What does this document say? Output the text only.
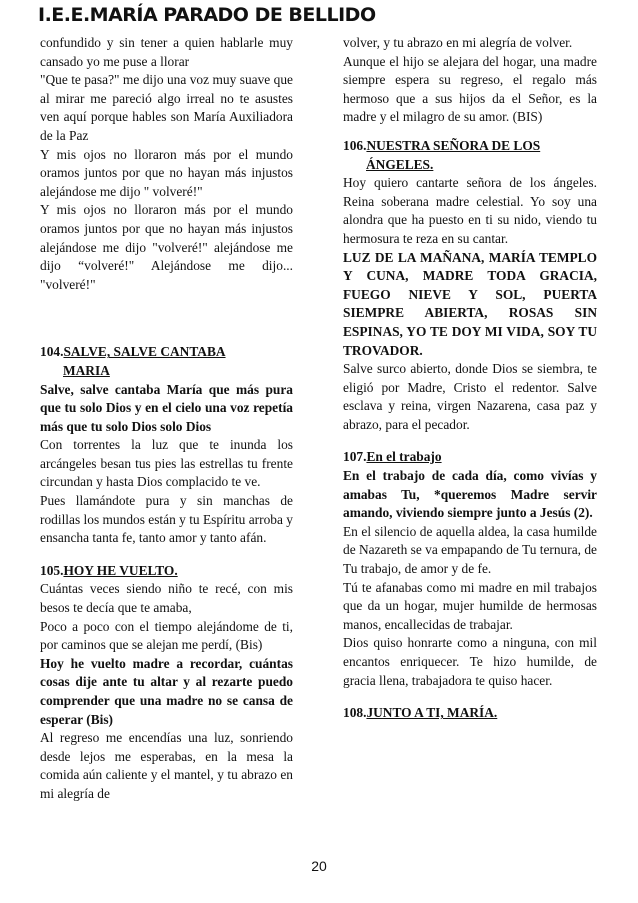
I.E.E.MARÍA PARADO DE BELLIDO

confundido y sin tener a quien hablarle muy cansado yo me puse a llorar

"Que te pasa?" me dijo una voz muy suave que al mirar me pareció algo irreal no te asustes ven aquí porque hables son María Auxiliadora de la Paz

Y mis ojos no lloraron más por el mundo oramos juntos por que no hayan más injustos alejándose me dijo " volveré!"

Y mis ojos no lloraron más por el mundo oramos juntos por que no hayan más injustos alejándose me dijo "volveré!" alejándose me dijo “volveré!" Alejándose me dijo... "volveré!"

104.SALVE, SALVE CANTABA
MARIA

Salve, salve cantaba María que más pura que tu solo Dios y en el cielo una voz repetía más que tu solo Dios solo Dios

Con torrentes la luz que te inunda los arcángeles besan tus pies las estrellas tu frente circundan y hasta Dios complacido te ve.

Pues llamándote pura y sin manchas de rodillas los mundos están y tu Espíritu arroba y ensancha tanta fe, tanto amor y tanto afán.

105.HOY HE VUELTO.

Cuántas veces siendo niño te recé, con mis besos te decía que te amaba,

Poco a poco con el tiempo alejándome de ti, por caminos que se alejan me perdí, (Bis)

Hoy he vuelto madre a recordar, cuántas cosas dije ante tu altar y al rezarte puedo comprender que una madre no se cansa de esperar (Bis)

Al regreso me encendías una luz, sonriendo desde lejos me esperabas, en la mesa la comida aún caliente y el mantel, y tu abrazo en mi alegría de

volver, y tu abrazo en mi alegría de volver.

Aunque el hijo se alejara del hogar, una madre siempre espera su regreso, el regalo más hermoso que a sus hijos da el Señor, es la madre y el milagro de su amor. (BIS)

106.NUESTRA SEÑORA DE LOS
ÁNGELES.

Hoy quiero cantarte señora de los ángeles. Reina soberana madre celestial. Yo soy una alondra que ha puesto en ti su nido, viendo tu hermosura te reza en su cantar.

LUZ DE LA MAÑANA, MARÍA TEMPLO Y CUNA, MADRE TODA GRACIA, FUEGO NIEVE Y SOL, PUERTA SIEMPRE ABIERTA, ROSAS SIN ESPINAS, YO TE DOY MI VIDA, SOY TU TROVADOR.

Salve surco abierto, donde Dios se siembra, te eligió por Madre, Cristo el redentor. Salve esclava y reina, virgen Nazarena, casa paz y abrazo, para el pecador.

107.En el trabajo

En el trabajo de cada día, como vivías y amabas Tu, *queremos Madre servir amando, viviendo siempre junto a Jesús (2).

En el silencio de aquella aldea, la casa humilde de Nazareth se va empapando de Tu ternura, de Tu trabajo, de amor y de fe.

Tú te afanabas como mi madre en mil trabajos que da un hogar, mujer humilde de hermosas manos, encallecidas de trabajar.

Dios quiso honrarte como a ninguna, con mil encantos enriquecer. Te hizo humilde, de gracia llena, trabajadora te quiso hacer.

108.JUNTO A TI, MARÍA.

20
